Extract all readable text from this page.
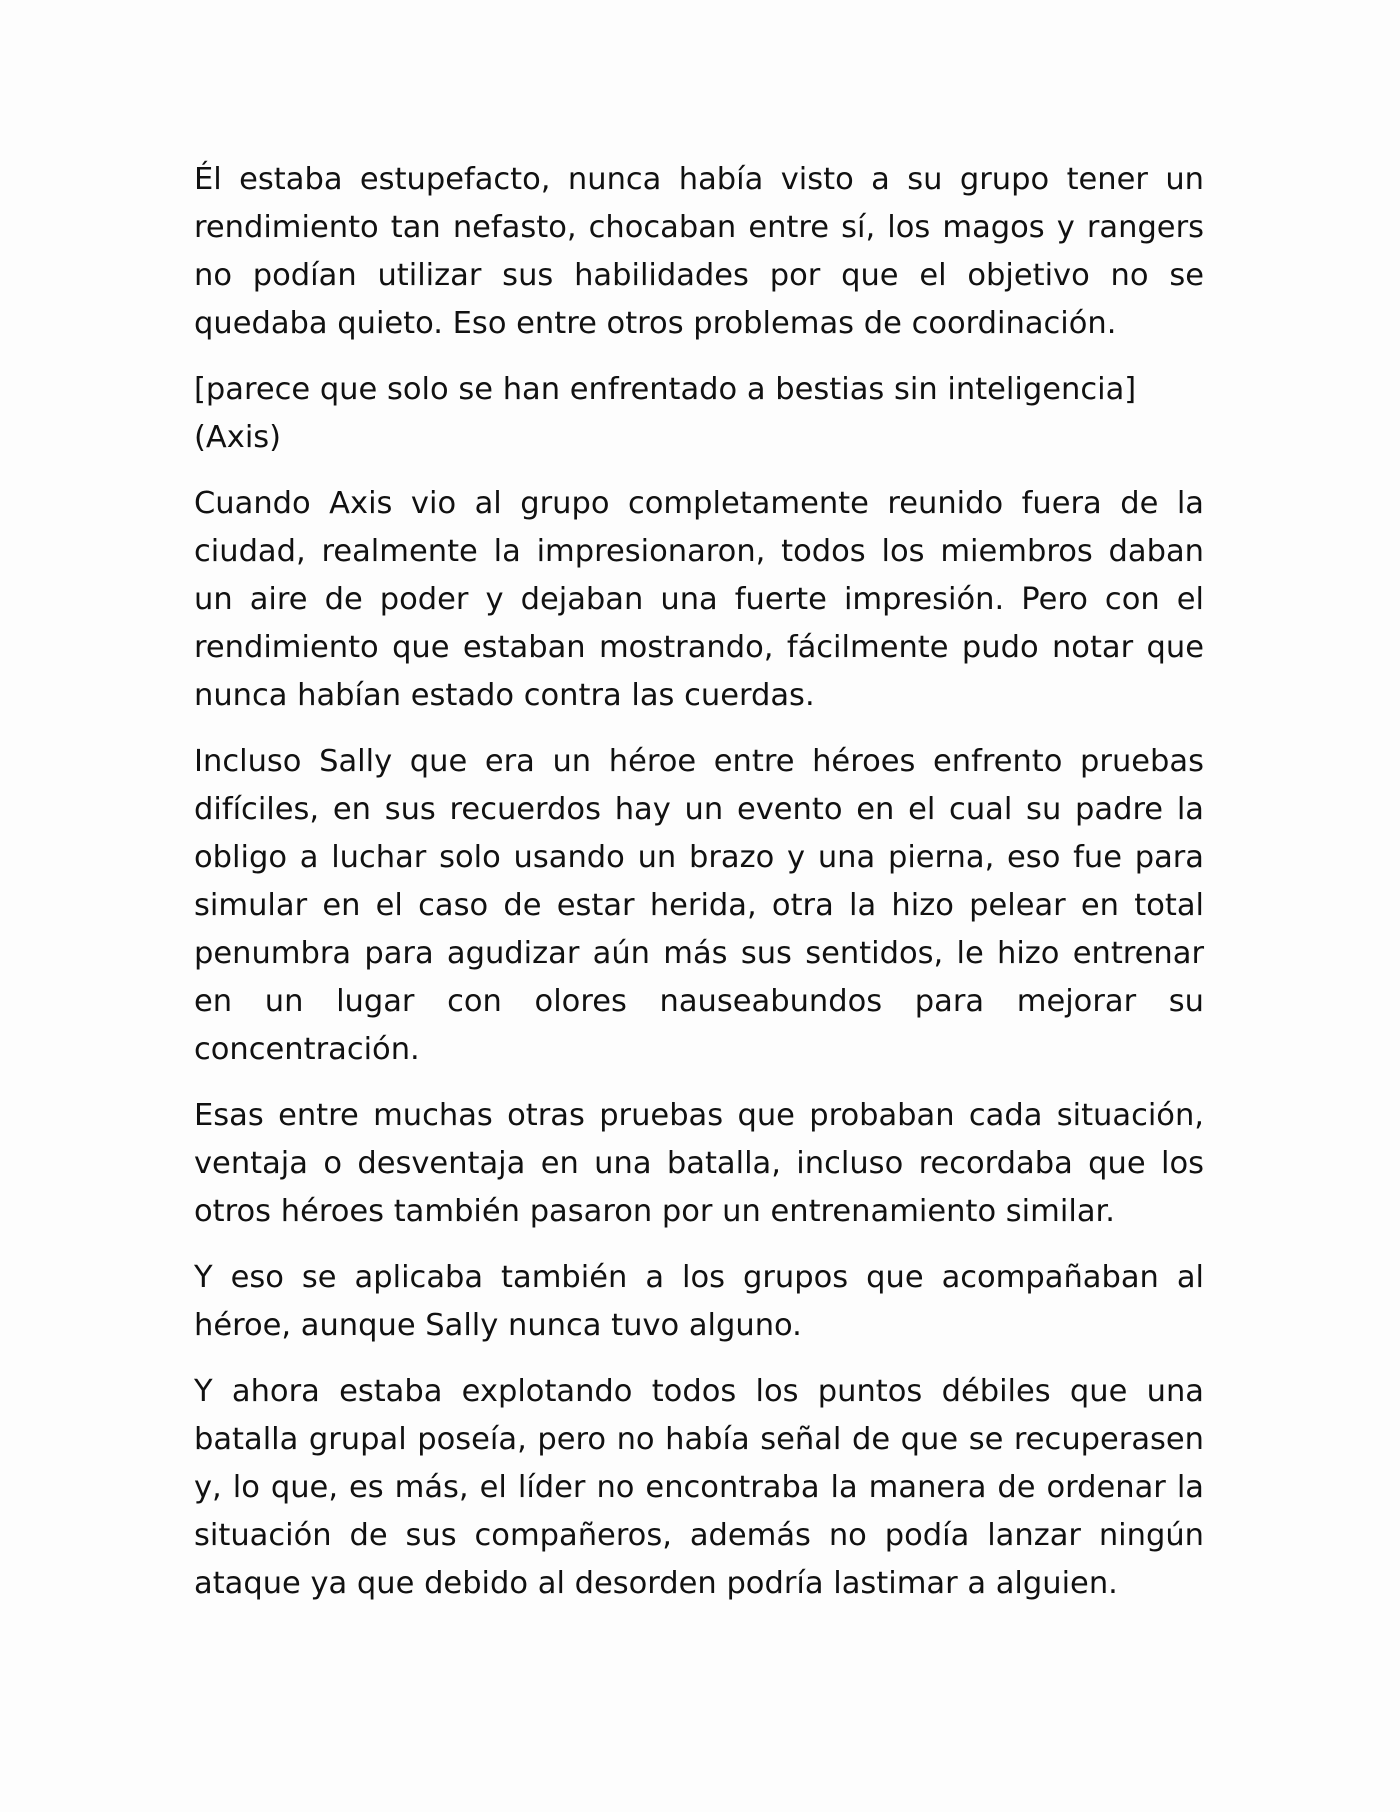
Él estaba estupefacto, nunca había visto a su grupo tener un rendimiento tan nefasto, chocaban entre sí, los magos y rangers no podían utilizar sus habilidades por que el objetivo no se quedaba quieto. Eso entre otros problemas de coordinación.

[parece que solo se han enfrentado a bestias sin inteligencia] (Axis)

Cuando Axis vio al grupo completamente reunido fuera de la ciudad, realmente la impresionaron, todos los miembros daban un aire de poder y dejaban una fuerte impresión. Pero con el rendimiento que estaban mostrando, fácilmente pudo notar que nunca habían estado contra las cuerdas.

Incluso Sally que era un héroe entre héroes enfrento pruebas difíciles, en sus recuerdos hay un evento en el cual su padre la obligo a luchar solo usando un brazo y una pierna, eso fue para simular en el caso de estar herida, otra la hizo pelear en total penumbra para agudizar aún más sus sentidos, le hizo entrenar en un lugar con olores nauseabundos para mejorar su concentración.

Esas entre muchas otras pruebas que probaban cada situación, ventaja o desventaja en una batalla, incluso recordaba que los otros héroes también pasaron por un entrenamiento similar.

Y eso se aplicaba también a los grupos que acompañaban al héroe, aunque Sally nunca tuvo alguno.

Y ahora estaba explotando todos los puntos débiles que una batalla grupal poseía, pero no había señal de que se recuperasen y, lo que, es más, el líder no encontraba la manera de ordenar la situación de sus compañeros, además no podía lanzar ningún ataque ya que debido al desorden podría lastimar a alguien.
